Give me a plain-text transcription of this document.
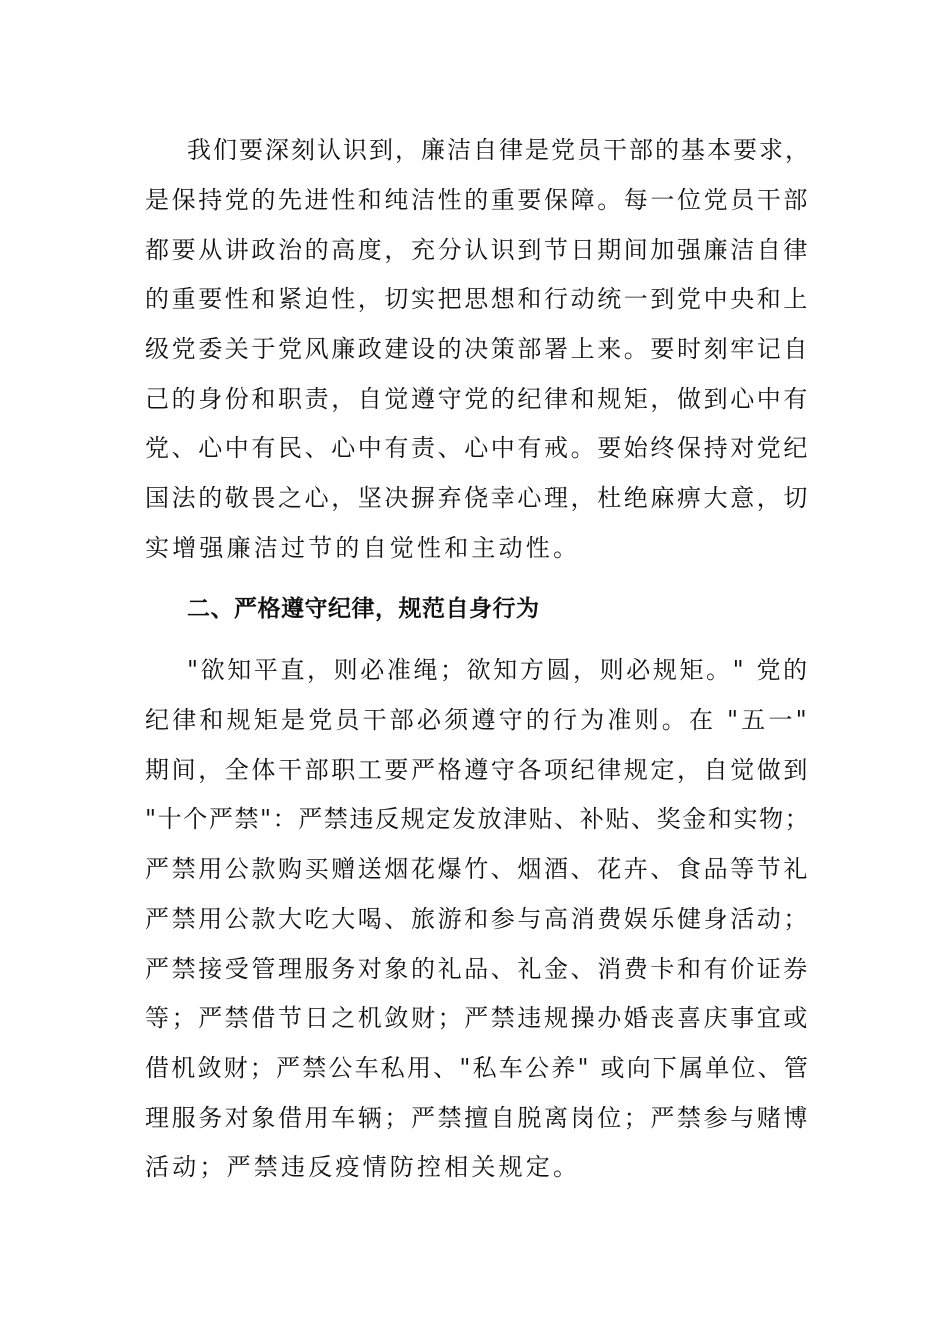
我们要深刻认识到，廉洁自律是党员干部的基本要求，
是保持党的先进性和纯洁性的重要保障。每一位党员干部
都要从讲政治的高度，充分认识到节日期间加强廉洁自律
的重要性和紧迫性，切实把思想和行动统一到党中央和上
级党委关于党风廉政建设的决策部署上来。要时刻牢记自
己的身份和职责，自觉遵守党的纪律和规矩，做到心中有
党、心中有民、心中有责、心中有戒。要始终保持对党纪
国法的敬畏之心，坚决摒弃侥幸心理，杜绝麻痹大意，切
实增强廉洁过节的自觉性和主动性。
二、严格遵守纪律，规范自身行为
"欲知平直，则必准绳；欲知方圆，则必规矩。" 党的
纪律和规矩是党员干部必须遵守的行为准则。在 "五一"
期间，全体干部职工要严格遵守各项纪律规定，自觉做到
"十个严禁"：严禁违反规定发放津贴、补贴、奖金和实物；
严禁用公款购买赠送烟花爆竹、烟酒、花卉、食品等节礼
严禁用公款大吃大喝、旅游和参与高消费娱乐健身活动；
严禁接受管理服务对象的礼品、礼金、消费卡和有价证券
等；严禁借节日之机敛财；严禁违规操办婚丧喜庆事宜或
借机敛财；严禁公车私用、"私车公养" 或向下属单位、管
理服务对象借用车辆；严禁擅自脱离岗位；严禁参与赌博
活动；严禁违反疫情防控相关规定。
